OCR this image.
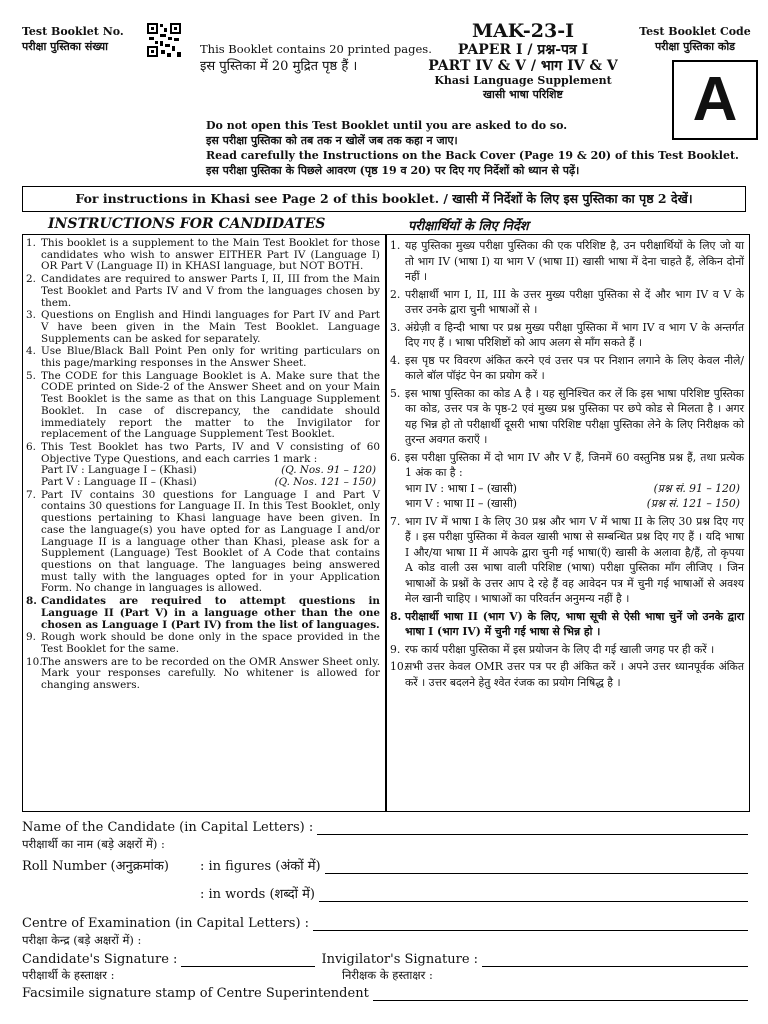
Test Booklet No.
परीक्षा पुस्तिका संख्या	This Booklet contains 20 printed pages.
इस पुस्तिका में 20 मुद्रित पृष्ठ हैं ।
MAK-23-I
PAPER I / प्रश्न-पत्र I
PART IV & V / भाग IV & V
Khasi Language Supplement
खासी भाषा परिशिष्ट
Test Booklet Code
परीक्षा पुस्तिका कोड
A
Do not open this Test Booklet until you are asked to do so.
इस परीक्षा पुस्तिका को तब तक न खोलें जब तक कहा न जाए।
Read carefully the Instructions on the Back Cover (Page 19 & 20) of this Test Booklet.
इस परीक्षा पुस्तिका के पिछले आवरण (पृष्ठ 19 व 20) पर दिए गए निर्देशों को ध्यान से पढ़ें।
For instructions in Khasi see Page 2 of this booklet. / खासी में निर्देशों के लिए इस पुस्तिका का पृष्ठ 2 देखें।
INSTRUCTIONS FOR CANDIDATES	परीक्षार्थियों के लिए निर्देश
1. This booklet is a supplement to the Main Test Booklet for those candidates who wish to answer EITHER Part IV (Language I) OR Part V (Language II) in KHASI language, but NOT BOTH.
2. Candidates are required to answer Parts I, II, III from the Main Test Booklet and Parts IV and V from the languages chosen by them.
3. Questions on English and Hindi languages for Part IV and Part V have been given in the Main Test Booklet. Language Supplements can be asked for separately.
4. Use Blue/Black Ball Point Pen only for writing particulars on this page/marking responses in the Answer Sheet.
5. The CODE for this Language Booklet is A. Make sure that the CODE printed on Side-2 of the Answer Sheet and on your Main Test Booklet is the same as that on this Language Supplement Booklet. In case of discrepancy, the candidate should immediately report the matter to the Invigilator for replacement of the Language Supplement Test Booklet.
6. This Test Booklet has two Parts, IV and V consisting of 60 Objective Type Questions, and each carries 1 mark :
Part IV : Language I – (Khasi)	(Q. Nos. 91 – 120)
Part V : Language II – (Khasi)	(Q. Nos. 121 – 150)
7. Part IV contains 30 questions for Language I and Part V contains 30 questions for Language II. In this Test Booklet, only questions pertaining to Khasi language have been given. In case the language(s) you have opted for as Language I and/or Language II is a language other than Khasi, please ask for a Supplement (Language) Test Booklet of A Code that contains questions on that language. The languages being answered must tally with the languages opted for in your Application Form. No change in languages is allowed.
8. Candidates are required to attempt questions in Language II (Part V) in a language other than the one chosen as Language I (Part IV) from the list of languages.
9. Rough work should be done only in the space provided in the Test Booklet for the same.
10.
The answers are to be recorded on the OMR Answer Sheet only. Mark your responses carefully. No whitener is allowed for changing answers.
1. यह पुस्तिका मुख्य परीक्षा पुस्तिका की एक परिशिष्ट है, उन परीक्षार्थियों के लिए जो या तो भाग IV (भाषा I) या भाग V (भाषा II) खासी भाषा में देना चाहते हैं, लेकिन दोनों नहीं ।
2. परीक्षार्थी भाग I, II, III के उत्तर मुख्य परीक्षा पुस्तिका से दें और भाग IV व V के उत्तर उनके द्वारा चुनी भाषाओं से ।
3. अंग्रेज़ी व हिन्दी भाषा पर प्रश्न मुख्य परीक्षा पुस्तिका में भाग IV व भाग V के अन्तर्गत दिए गए हैं । भाषा परिशिष्टों को आप अलग से माँग सकते हैं ।
4. इस पृष्ठ पर विवरण अंकित करने एवं उत्तर पत्र पर निशान लगाने के लिए केवल नीले/काले बॉल पॉइंट पेन का प्रयोग करें ।
5. इस भाषा पुस्तिका का कोड A है । यह सुनिश्चित कर लें कि इस भाषा परिशिष्ट पुस्तिका का कोड, उत्तर पत्र के पृष्ठ-2 एवं मुख्य प्रश्न पुस्तिका पर छपे कोड से मिलता है । अगर यह भिन्न हो तो परीक्षार्थी दूसरी भाषा परिशिष्ट परीक्षा पुस्तिका लेने के लिए निरीक्षक को तुरन्त अवगत कराएँ ।
6. इस परीक्षा पुस्तिका में दो भाग IV और V हैं, जिनमें 60 वस्तुनिष्ठ प्रश्न हैं, तथा प्रत्येक 1 अंक का है :
भाग IV : भाषा I – (खासी)	(प्रश्न सं. 91 – 120)
भाग V : भाषा II – (खासी)	(प्रश्न सं. 121 – 150)
7. भाग IV में भाषा I के लिए 30 प्रश्न और भाग V में भाषा II के लिए 30 प्रश्न दिए गए हैं । इस परीक्षा पुस्तिका में केवल खासी भाषा से सम्बन्धित प्रश्न दिए गए हैं । यदि भाषा I और/या भाषा II में आपके द्वारा चुनी गई भाषा(एँ) खासी के अलावा है/हैं, तो कृपया A कोड वाली उस भाषा वाली परिशिष्ट (भाषा) परीक्षा पुस्तिका माँग लीजिए । जिन भाषाओं के प्रश्नों के उत्तर आप दे रहे हैं वह आवेदन पत्र में चुनी गई भाषाओं से अवश्य मेल खानी चाहिए । भाषाओं का परिवर्तन अनुमन्य नहीं है ।
8. परीक्षार्थी भाषा II (भाग V) के लिए, भाषा सूची से ऐसी भाषा चुनें जो उनके द्वारा भाषा I (भाग IV) में चुनी गई भाषा से भिन्न हो ।
9. रफ कार्य परीक्षा पुस्तिका में इस प्रयोजन के लिए दी गई खाली जगह पर ही करें ।
10.
सभी उत्तर केवल OMR उत्तर पत्र पर ही अंकित करें । अपने उत्तर ध्यानपूर्वक अंकित करें । उत्तर बदलने हेतु श्वेत रंजक का प्रयोग निषिद्ध है ।
Name of the Candidate (in Capital Letters) :
परीक्षार्थी का नाम (बड़े अक्षरों में) :
Roll Number (अनुक्रमांक)	: in figures (अंकों में)
: in words (शब्दों में)
Centre of Examination (in Capital Letters) :
परीक्षा केन्द्र (बड़े अक्षरों में) :
Candidate's Signature :	Invigilator's Signature :
परीक्षार्थी के हस्ताक्षर :	निरीक्षक के हस्ताक्षर :
Facsimile signature stamp of Centre Superintendent
